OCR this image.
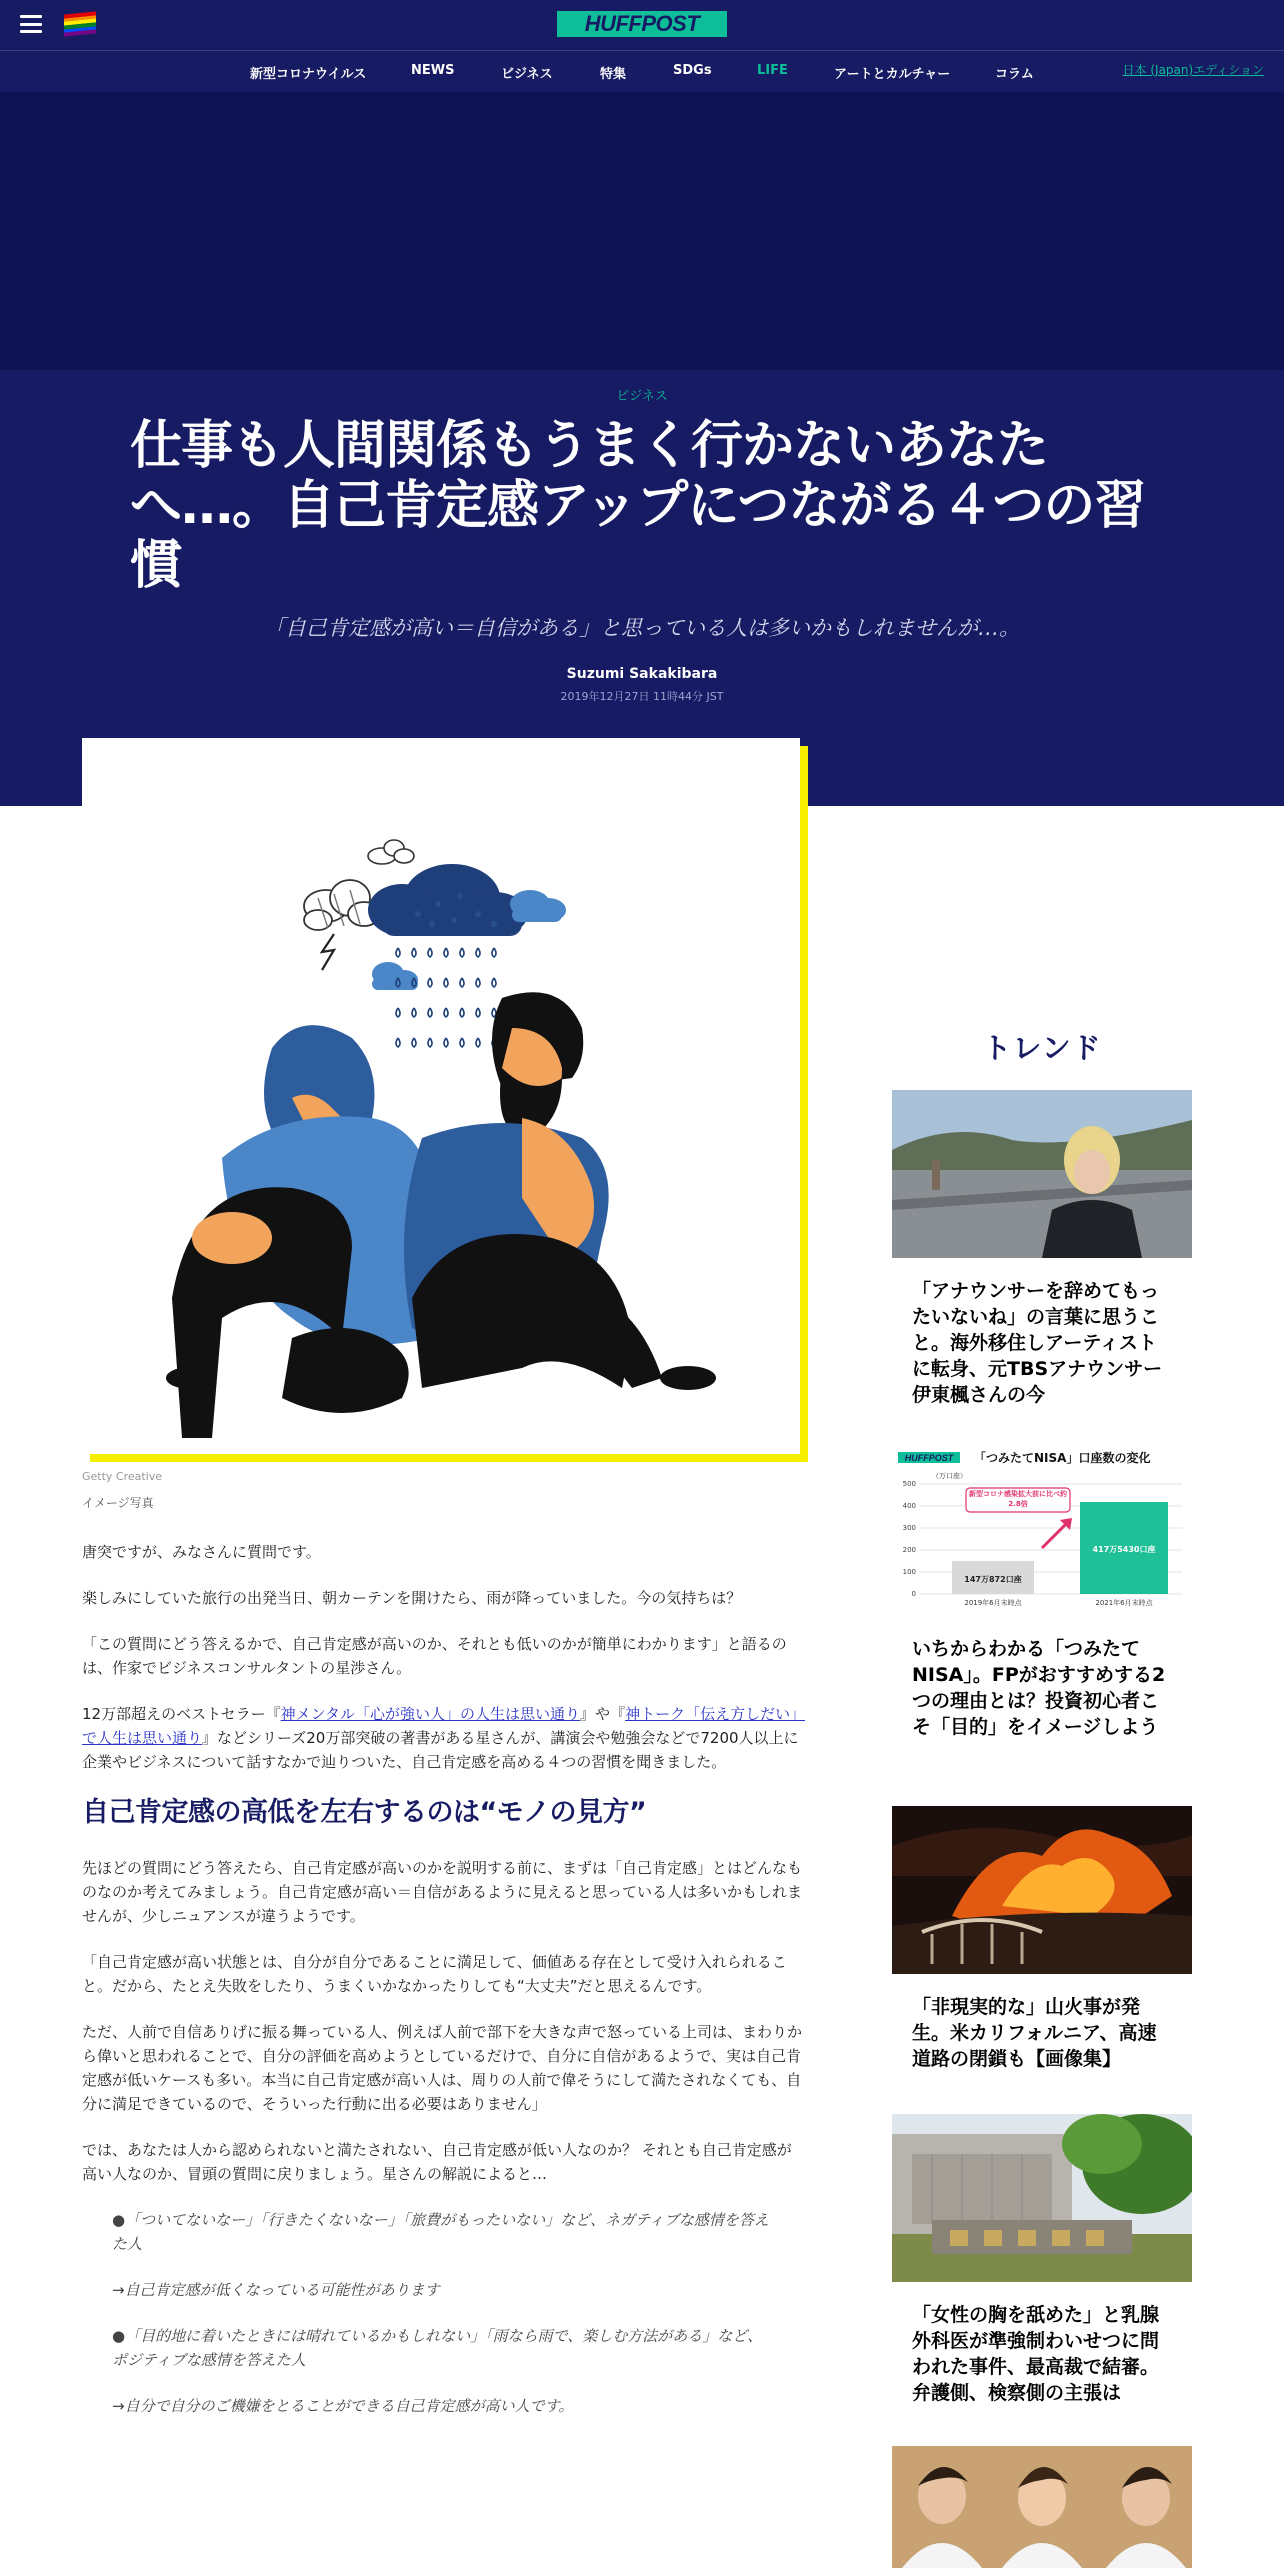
HUFFPOST
新型コロナウイルス	NEWS	ビジネス	特集	SDGs	LIFE	アートとカルチャー	コラム	日本 (Japan)エディション
ビジネス
仕事も人間関係もうまく行かないあなたへ…。自己肯定感アップにつながる４つの習慣
「自己肯定感が高い＝自信がある」と思っている人は多いかもしれませんが…。
Suzumi Sakakibara
2019年12月27日 11時44分 JST
Getty Creative
イメージ写真

唐突ですが、みなさんに質問です。

楽しみにしていた旅行の出発当日、朝カーテンを開けたら、雨が降っていました。今の気持ちは？

「この質問にどう答えるかで、自己肯定感が高いのか、それとも低いのかが簡単にわかります」と語るのは、作家でビジネスコンサルタントの星渉さん。

12万部超えのベストセラー『神メンタル「心が強い人」の人生は思い通り』や『神トーク「伝え方しだい」で人生は思い通り』などシリーズ20万部突破の著書がある星さんが、講演会や勉強会などで7200人以上に企業やビジネスについて話すなかで辿りついた、自己肯定感を高める４つの習慣を聞きました。

自己肯定感の高低を左右するのは“モノの見方”

先ほどの質問にどう答えたら、自己肯定感が高いのかを説明する前に、まずは「自己肯定感」とはどんなものなのか考えてみましょう。自己肯定感が高い＝自信があるように見えると思っている人は多いかもしれませんが、少しニュアンスが違うようです。

「自己肯定感が高い状態とは、自分が自分であることに満足して、価値ある存在として受け入れられること。だから、たとえ失敗をしたり、うまくいかなかったりしても“大丈夫”だと思えるんです。

ただ、人前で自信ありげに振る舞っている人、例えば人前で部下を大きな声で怒っている上司は、まわりから偉いと思われることで、自分の評価を高めようとしているだけで、自分に自信があるようで、実は自己肯定感が低いケースも多い。本当に自己肯定感が高い人は、周りの人前で偉そうにして満たされなくても、自分に満足できているので、そういった行動に出る必要はありません」

では、あなたは人から認められないと満たされない、自己肯定感が低い人なのか？ それとも自己肯定感が高い人なのか、冒頭の質問に戻りましょう。星さんの解説によると…

●「ついてないなー」「行きたくないなー」「旅費がもったいない」など、ネガティブな感情を答えた人

→自己肯定感が低くなっている可能性があります

●「目的地に着いたときには晴れているかもしれない」「雨なら雨で、楽しむ方法がある」など、ポジティブな感情を答えた人

→自分で自分のご機嫌をとることができる自己肯定感が高い人です。

トレンド
「アナウンサーを辞めてもったいないね」の言葉に思うこと。海外移住しアーティストに転身、元TBSアナウンサー伊東楓さんの今
HUFFPOST 「つみたてNISA」口座数の変化
（万口座）
500
400
300
200
100
0
147万872口座
417万5430口座
2019年6月末時点	2021年6月末時点
新型コロナ感染拡大前に比べ約2.8倍
いちからわかる「つみたてNISA」。FPがおすすめする2つの理由とは？投資初心者こそ「目的」をイメージしよう
「非現実的な」山火事が発生。米カリフォルニア、高速道路の閉鎖も【画像集】
「女性の胸を舐めた」と乳腺外科医が準強制わいせつに問われた事件、最高裁で結審。弁護側、検察側の主張は
